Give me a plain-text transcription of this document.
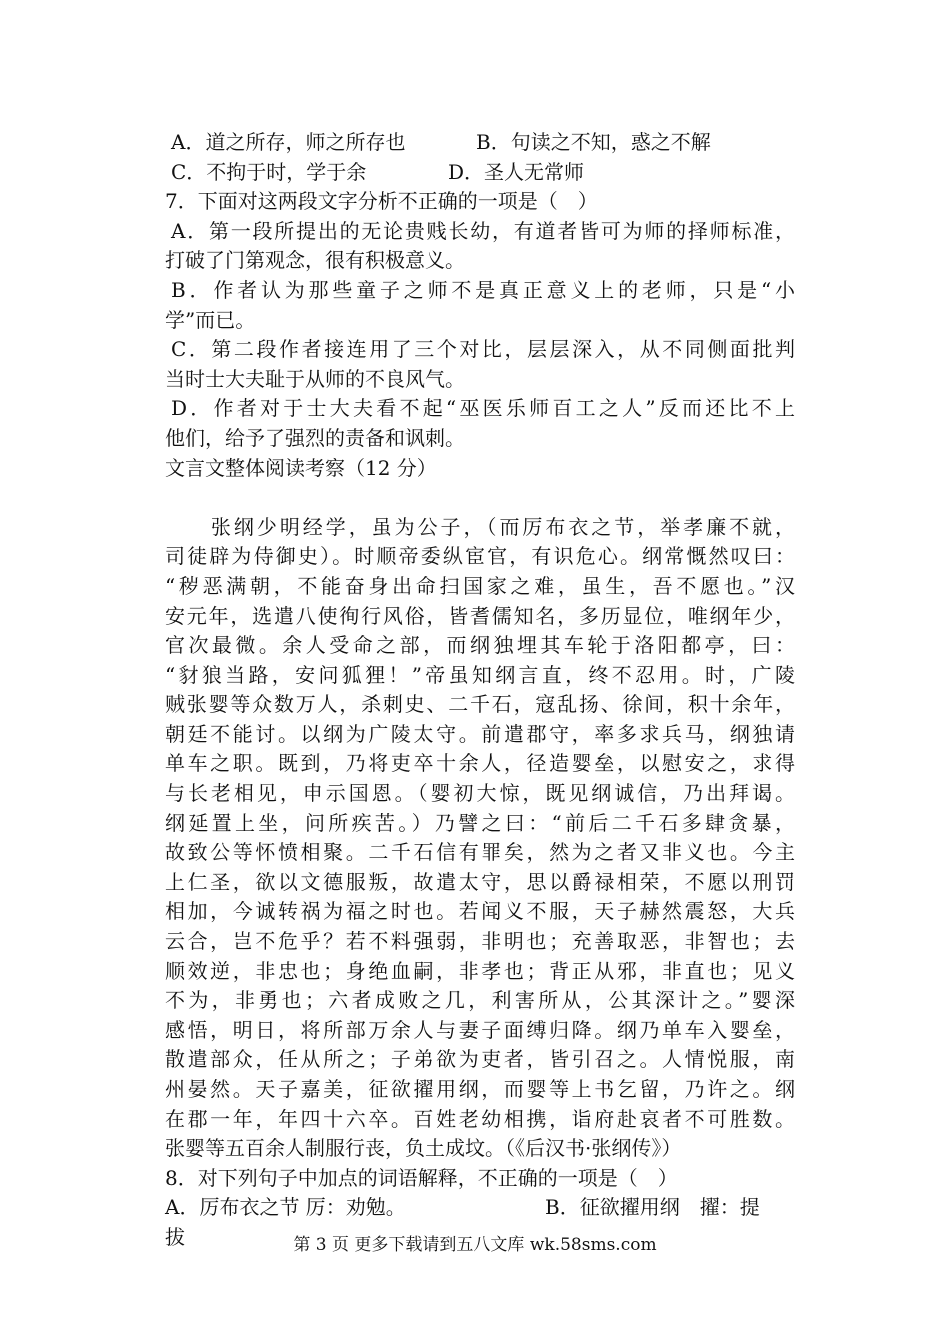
A．道之所存，师之所存也	B．句读之不知，惑之不解
C．不拘于时，学于余	D．圣人无常师
7．下面对这两段文字分析不正确的一项是（　）
A．第一段所提出的无论贵贱长幼，有道者皆可为师的择师标准，
打破了门第观念，很有积极意义。
B．作者认为那些童子之师不是真正意义上的老师，只是“小
学”而已。
C．第二段作者接连用了三个对比，层层深入，从不同侧面批判
当时士大夫耻于从师的不良风气。
D．作者对于士大夫看不起“巫医乐师百工之人”反而还比不上
他们，给予了强烈的责备和讽刺。
文言文整体阅读考察（12 分）
　　张纲少明经学，虽为公子，（而厉布衣之节，举孝廉不就，
司徒辟为侍御史）。时顺帝委纵宦官，有识危心。纲常慨然叹曰：
“秽恶满朝，不能奋身出命扫国家之难，虽生，吾不愿也。”汉
安元年，选遣八使徇行风俗，皆耆儒知名，多历显位，唯纲年少，
官次最微。余人受命之部，而纲独埋其车轮于洛阳都亭，曰：
“豺狼当路，安问狐狸！”帝虽知纲言直，终不忍用。时，广陵
贼张婴等众数万人，杀刺史、二千石，寇乱扬、徐间，积十余年，
朝廷不能讨。以纲为广陵太守。前遣郡守，率多求兵马，纲独请
单车之职。既到，乃将吏卒十余人，径造婴垒，以慰安之，求得
与长老相见，申示国恩。（婴初大惊，既见纲诚信，乃出拜谒。
纲延置上坐，问所疾苦。）乃譬之曰：“前后二千石多肆贪暴，
故致公等怀愤相聚。二千石信有罪矣，然为之者又非义也。今主
上仁圣，欲以文德服叛，故遣太守，思以爵禄相荣，不愿以刑罚
相加，今诚转祸为福之时也。若闻义不服，天子赫然震怒，大兵
云合，岂不危乎？若不料强弱，非明也；充善取恶，非智也；去
顺效逆，非忠也；身绝血嗣，非孝也；背正从邪，非直也；见义
不为，非勇也；六者成败之几，利害所从，公其深计之。”婴深
感悟，明日，将所部万余人与妻子面缚归降。纲乃单车入婴垒，
散遣部众，任从所之；子弟欲为吏者，皆引召之。人情悦服，南
州晏然。天子嘉美，征欲擢用纲，而婴等上书乞留，乃许之。纲
在郡一年，年四十六卒。百姓老幼相携，诣府赴哀者不可胜数。
张婴等五百余人制服行丧，负土成坟。（《后汉书·张纲传》）
8．对下列句子中加点的词语解释，不正确的一项是（　）
A．厉布衣之节 厉：劝勉。	B．征欲擢用纲　擢：提
拔	第 3 页 更多下载请到五八文库 wk.58sms.com
